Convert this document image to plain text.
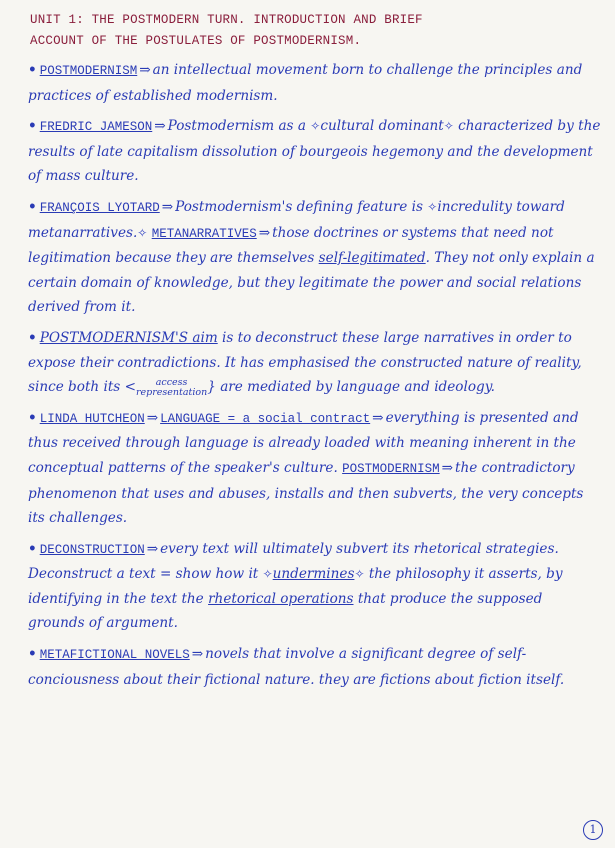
UNIT 1: THE POSTMODERN TURN. INTRODUCTION AND BRIEF
ACCOUNT OF THE POSTULATES OF POSTMODERNISM.
• POSTMODERNISM ⇒ an intellectual movement born to challenge the principles and practices of established modernism.
• FREDRIC JAMESON ⇒ Postmodernism as a ✧cultural dominant✧ characterized by the results of late capitalism dissolution of bourgeois hegemony and the development of mass culture.
• FRANÇOIS LYOTARD ⇒ Postmodernism's defining feature is ✧incredulity toward metanarratives.✧ METANARRATIVES ⇒ those doctrines or systems that need not legitimation because they are themselves self-legitimated. They not only explain a certain domain of knowledge, but they legitimate the power and social relations derived from it.
• POSTMODERNISM'S aim is to deconstruct these large narratives in order to expose their contradictions. It has emphasised the constructed nature of reality, since both its < access
representation} are mediated by language and ideology.
• LINDA HUTCHEON ⇒ LANGUAGE = a social contract ⇒ everything is presented and thus received through language is already loaded with meaning inherent in the conceptual patterns of the speaker's culture. POSTMODERNISM ⇒ the contradictory phenomenon that uses and abuses, installs and then subverts, the very concepts its challenges.
• DECONSTRUCTION ⇒ every text will ultimately subvert its rhetorical strategies. Deconstruct a text = show how it ✧undermines✧ the philosophy it asserts, by identifying in the text the rhetorical operations that produce the supposed grounds of argument.
• METAFICTIONAL NOVELS ⇒ novels that involve a significant degree of self-conciousness about their fictional nature. they are fictions about fiction itself.
1
